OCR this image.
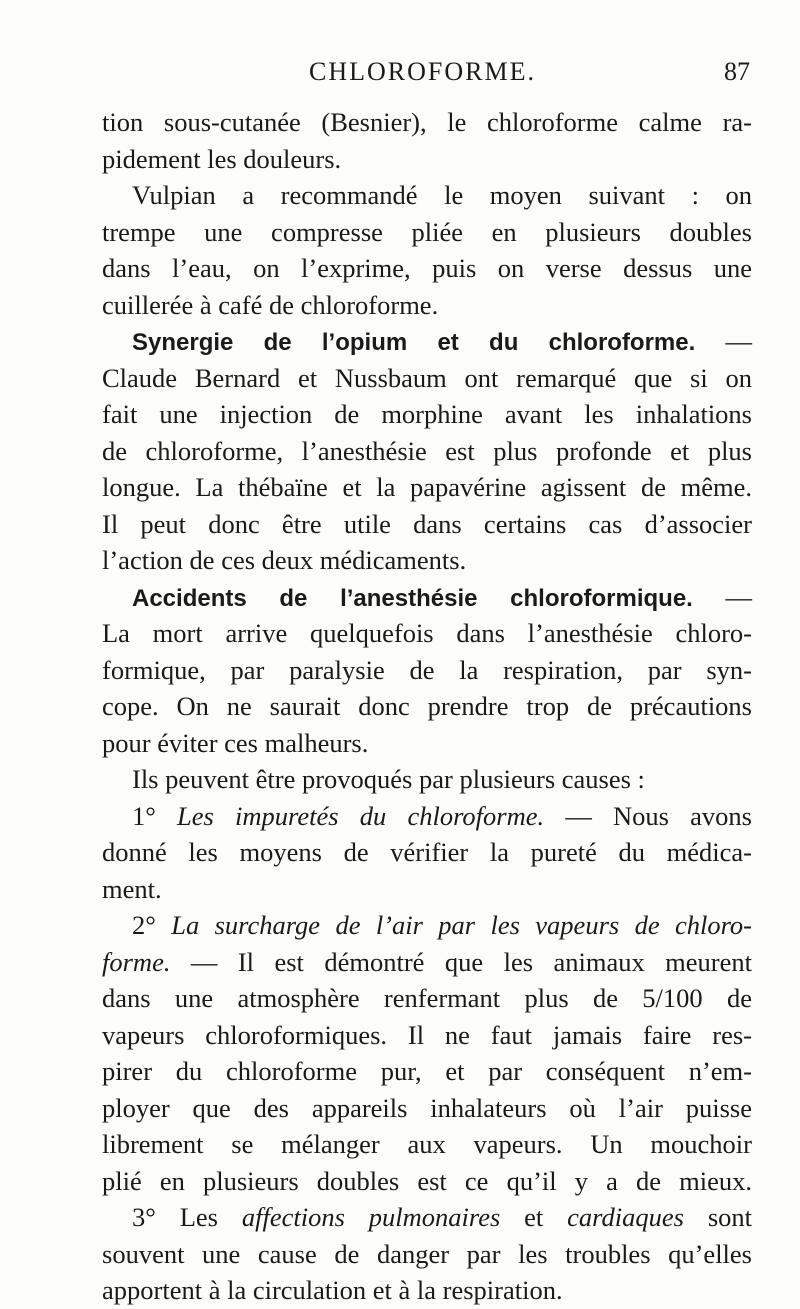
CHLOROFORME.	87
tion sous-cutanée (Besnier), le chloroforme calme ra-
pidement les douleurs.
Vulpian a recommandé le moyen suivant : on
trempe une compresse pliée en plusieurs doubles
dans l’eau, on l’exprime, puis on verse dessus une
cuillerée à café de chloroforme.
Synergie de l’opium et du chloroforme. —
Claude Bernard et Nussbaum ont remarqué que si on
fait une injection de morphine avant les inhalations
de chloroforme, l’anesthésie est plus profonde et plus
longue. La thébaïne et la papavérine agissent de même.
Il peut donc être utile dans certains cas d’associer
l’action de ces deux médicaments.
Accidents de l’anesthésie chloroformique. —
La mort arrive quelquefois dans l’anesthésie chloro-
formique, par paralysie de la respiration, par syn-
cope. On ne saurait donc prendre trop de précautions
pour éviter ces malheurs.
Ils peuvent être provoqués par plusieurs causes :
1° Les impuretés du chloroforme. — Nous avons
donné les moyens de vérifier la pureté du médica-
ment.
2° La surcharge de l’air par les vapeurs de chloro-
forme. — Il est démontré que les animaux meurent
dans une atmosphère renfermant plus de 5/100 de
vapeurs chloroformiques. Il ne faut jamais faire res-
pirer du chloroforme pur, et par conséquent n’em-
ployer que des appareils inhalateurs où l’air puisse
librement se mélanger aux vapeurs. Un mouchoir
plié en plusieurs doubles est ce qu’il y a de mieux.
3° Les affections pulmonaires et cardiaques sont
souvent une cause de danger par les troubles qu’elles
apportent à la circulation et à la respiration.
